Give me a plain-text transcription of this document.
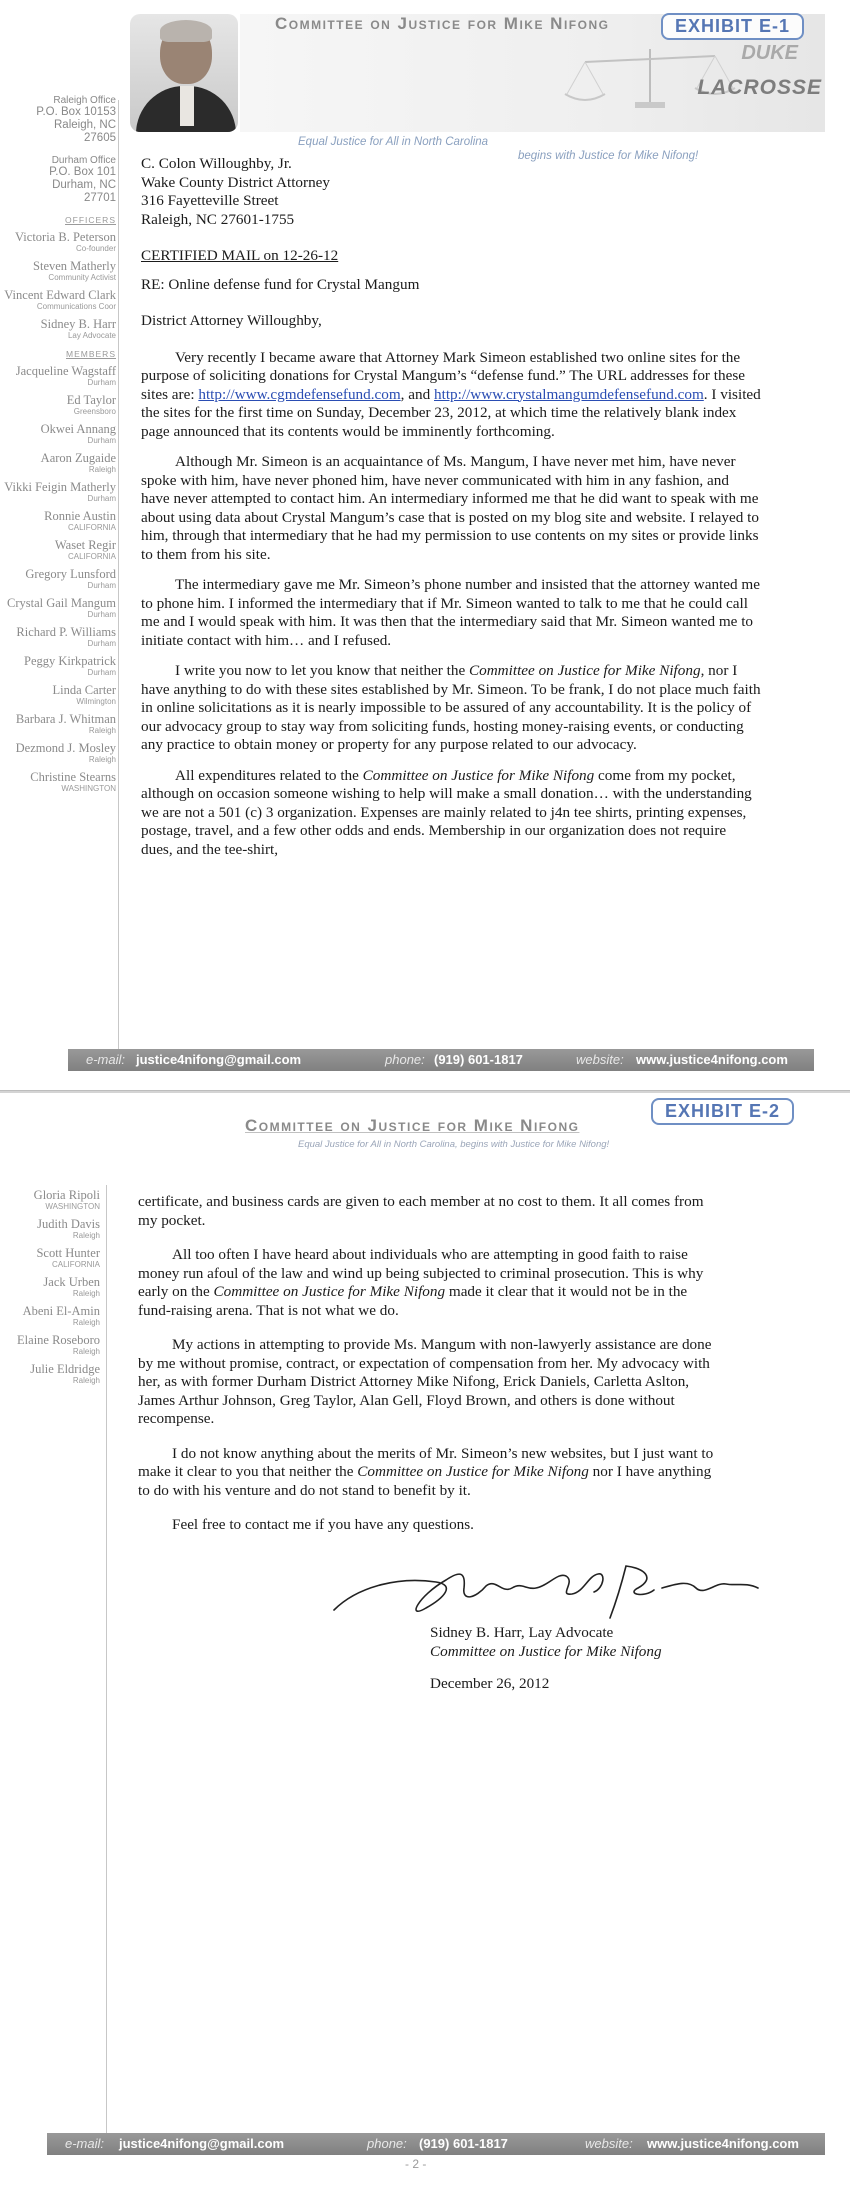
Committee on Justice for Mike Nifong
DUKE
LACROSSE
EXHIBIT E-1
Equal Justice for All in North Carolina
begins with Justice for Mike Nifong!
Raleigh Office
P.O. Box 10153
Raleigh, NC
27605
Durham Office
P.O. Box 101
Durham, NC
27701
OFFICERS
Victoria B. Peterson
Co-founder
Steven Matherly
Community Activist
Vincent Edward Clark
Communications Coor
Sidney B. Harr
Lay Advocate
MEMBERS
Jacqueline Wagstaff
Durham
Ed Taylor
Greensboro
Okwei Annang
Durham
Aaron Zugaide
Raleigh
Vikki Feigin Matherly
Durham
Ronnie Austin
CALIFORNIA
Waset Regir
CALIFORNIA
Gregory Lunsford
Durham
Crystal Gail Mangum
Durham
Richard P. Williams
Durham
Peggy Kirkpatrick
Durham
Linda Carter
Wilmington
Barbara J. Whitman
Raleigh
Dezmond J. Mosley
Raleigh
Christine Stearns
WASHINGTON
C. Colon Willoughby, Jr.
Wake County District Attorney
316 Fayetteville Street
Raleigh, NC 27601-1755

CERTIFIED MAIL on 12-26-12

RE: Online defense fund for Crystal Mangum

District Attorney Willoughby,

Very recently I became aware that Attorney Mark Simeon established two online sites for the purpose of soliciting donations for Crystal Mangum’s “defense fund.” The URL addresses for these sites are: http://www.cgmdefensefund.com, and http://www.crystalmangumdefensefund.com. I visited the sites for the first time on Sunday, December 23, 2012, at which time the relatively blank index page announced that its contents would be imminently forthcoming.

Although Mr. Simeon is an acquaintance of Ms. Mangum, I have never met him, have never spoke with him, have never phoned him, have never communicated with him in any fashion, and have never attempted to contact him. An intermediary informed me that he did want to speak with me about using data about Crystal Mangum’s case that is posted on my blog site and website. I relayed to him, through that intermediary that he had my permission to use contents on my sites or provide links to them from his site.

The intermediary gave me Mr. Simeon’s phone number and insisted that the attorney wanted me to phone him. I informed the intermediary that if Mr. Simeon wanted to talk to me that he could call me and I would speak with him. It was then that the intermediary said that Mr. Simeon wanted me to initiate contact with him… and I refused.

I write you now to let you know that neither the Committee on Justice for Mike Nifong, nor I have anything to do with these sites established by Mr. Simeon. To be frank, I do not place much faith in online solicitations as it is nearly impossible to be assured of any accountability. It is the policy of our advocacy group to stay way from soliciting funds, hosting money-raising events, or conducting any practice to obtain money or property for any purpose related to our advocacy.

All expenditures related to the Committee on Justice for Mike Nifong come from my pocket, although on occasion someone wishing to help will make a small donation… with the understanding we are not a 501 (c) 3 organization. Expenses are mainly related to j4n tee shirts, printing expenses, postage, travel, and a few other odds and ends. Membership in our organization does not require dues, and the tee-shirt,

e-mail: justice4nifong@gmail.com	phone: (919) 601-1817	website: www.justice4nifong.com
Committee on Justice for Mike Nifong
EXHIBIT E-2
Equal Justice for All in North Carolina, begins with Justice for Mike Nifong!
Gloria Ripoli
WASHINGTON
Judith Davis
Raleigh
Scott Hunter
CALIFORNIA
Jack Urben
Raleigh
Abeni El-Amin
Raleigh
Elaine Roseboro
Raleigh
Julie Eldridge
Raleigh

certificate, and business cards are given to each member at no cost to them. It all comes from my pocket.

All too often I have heard about individuals who are attempting in good faith to raise money run afoul of the law and wind up being subjected to criminal prosecution. This is why early on the Committee on Justice for Mike Nifong made it clear that it would not be in the fund-raising arena. That is not what we do.

My actions in attempting to provide Ms. Mangum with non-lawyerly assistance are done by me without promise, contract, or expectation of compensation from her. My advocacy with her, as with former Durham District Attorney Mike Nifong, Erick Daniels, Carletta Aslton, James Arthur Johnson, Greg Taylor, Alan Gell, Floyd Brown, and others is done without recompense.

I do not know anything about the merits of Mr. Simeon’s new websites, but I just want to make it clear to you that neither the Committee on Justice for Mike Nifong nor I have anything to do with his venture and do not stand to benefit by it.

Feel free to contact me if you have any questions.

Sidney B. Harr, Lay Advocate
Committee on Justice for Mike Nifong
December 26, 2012
e-mail: justice4nifong@gmail.com	phone: (919) 601-1817	website: www.justice4nifong.com
- 2 -
